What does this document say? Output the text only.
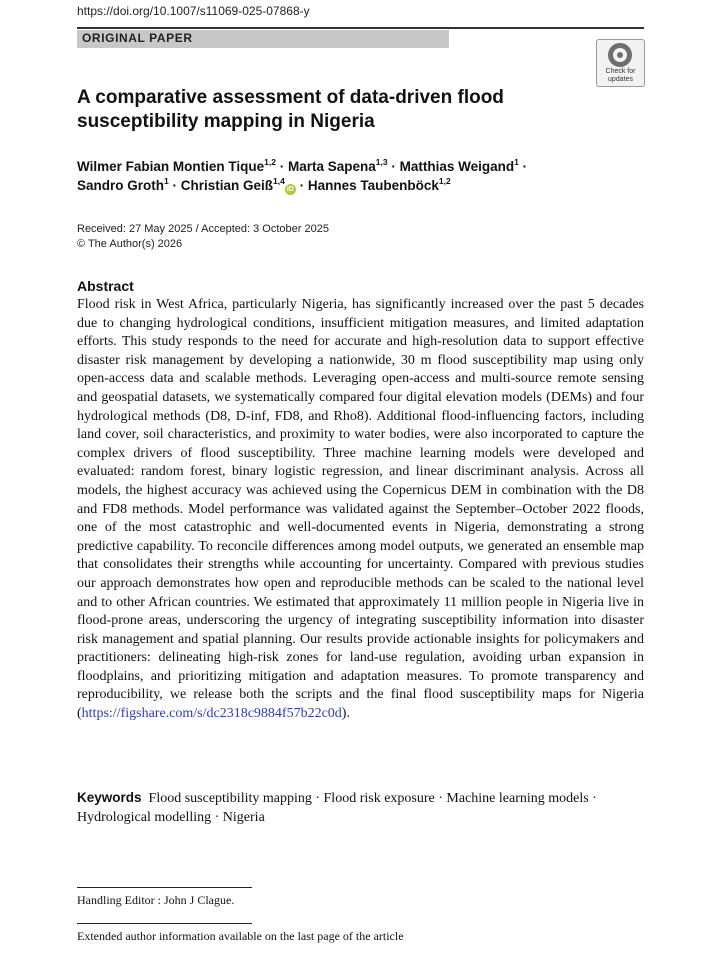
https://doi.org/10.1007/s11069-025-07868-y
ORIGINAL PAPER
Check for updates
A comparative assessment of data-driven flood susceptibility mapping in Nigeria
Wilmer Fabian Montien Tique$^{1,2}$ · Marta Sapena$^{1,3}$ · Matthias Weigand$^1$ ·
Sandro Groth$^1$ · Christian Geiß$^{1,4}$iD · Hannes Taubenböck$^{1,2}$
Received: 27 May 2025 / Accepted: 3 October 2025
© The Author(s) 2026
Abstract
Flood risk in West Africa, particularly Nigeria, has significantly increased over the past 5 decades due to changing hydrological conditions, insufficient mitigation measures, and limited adaptation efforts. This study responds to the need for accurate and high-resolution data to support effective disaster risk management by developing a nationwide, 30 m flood susceptibility map using only open-access data and scalable methods. Leveraging open-access and multi-source remote sensing and geospatial datasets, we systematically compared four digital elevation models (DEMs) and four hydrological methods (D8, D-inf, FD8, and Rho8). Additional flood-influencing factors, including land cover, soil characteristics, and proximity to water bodies, were also incorporated to capture the complex drivers of flood susceptibility. Three machine learning models were developed and evaluated: random forest, binary logistic regression, and linear discriminant analysis. Across all models, the highest accuracy was achieved using the Copernicus DEM in combination with the D8 and FD8 methods. Model performance was validated against the September–October 2022 floods, one of the most catastrophic and well-documented events in Nigeria, demonstrating a strong predictive capability. To reconcile differences among model outputs, we generated an ensemble map that consolidates their strengths while accounting for uncertainty. Compared with previous studies our approach demonstrates how open and reproducible methods can be scaled to the national level and to other African countries. We estimated that approximately 11 million people in Nigeria live in flood-prone areas, underscoring the urgency of integrating susceptibility information into disaster risk management and spatial planning. Our results provide actionable insights for policymakers and practitioners: delineating high-risk zones for land-use regulation, avoiding urban expansion in floodplains, and prioritizing mitigation and adaptation measures. To promote transparency and reproducibility, we release both the scripts and the final flood susceptibility maps for Nigeria (https://figshare.com/s/dc2318c9884f57b22c0d).
Keywords Flood susceptibility mapping · Flood risk exposure · Machine learning models · Hydrological modelling · Nigeria
Handling Editor : John J Clague.
Extended author information available on the last page of the article
